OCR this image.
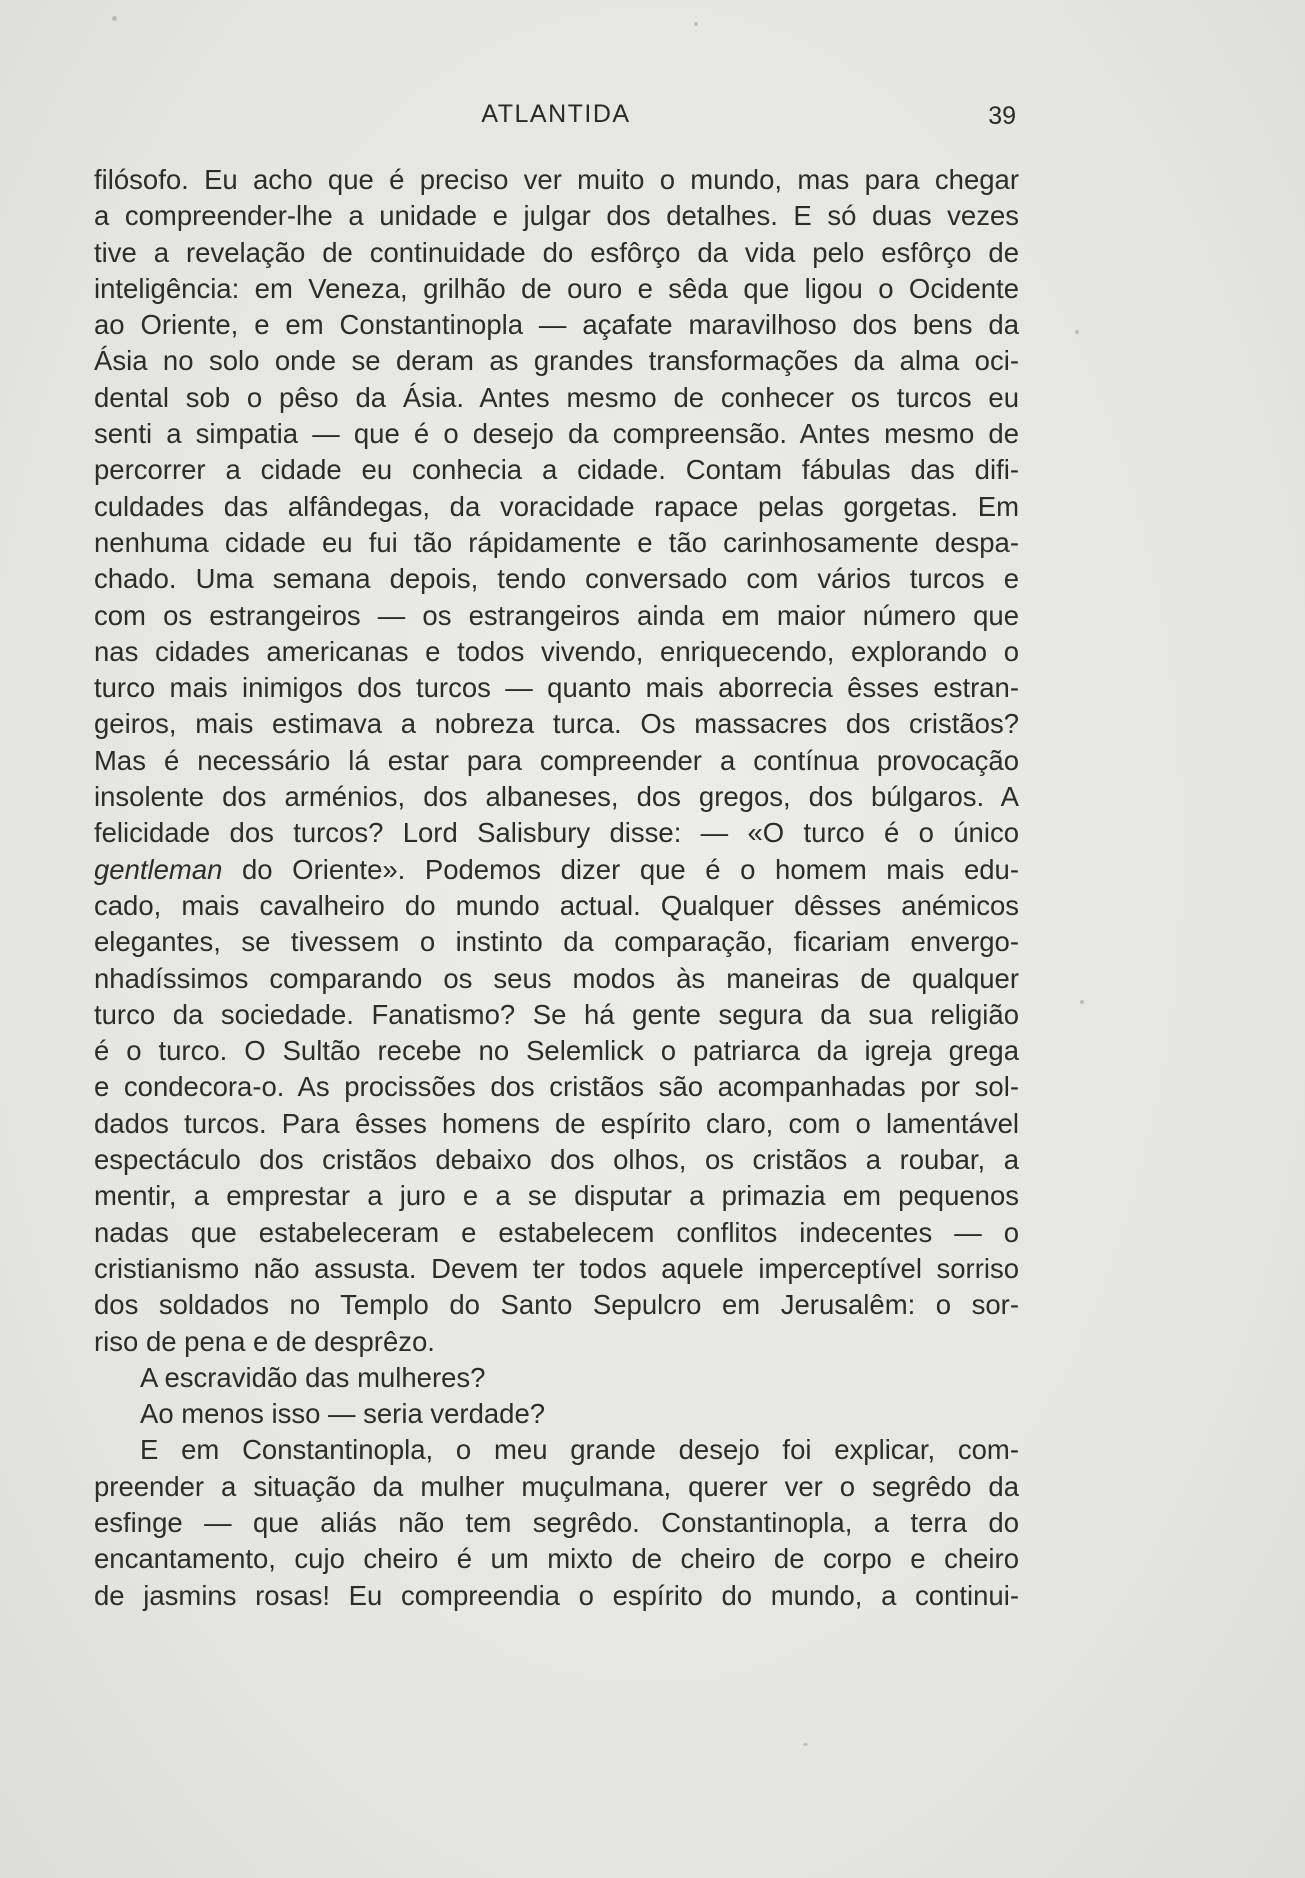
ATLANTIDA	39
filósofo. Eu acho que é preciso ver muito o mundo, mas para chegar
a compreender-lhe a unidade e julgar dos detalhes. E só duas vezes
tive a revelação de continuidade do esfôrço da vida pelo esfôrço de
inteligência: em Veneza, grilhão de ouro e sêda que ligou o Ocidente
ao Oriente, e em Constantinopla — açafate maravilhoso dos bens da
Ásia no solo onde se deram as grandes transformações da alma oci-
dental sob o pêso da Ásia. Antes mesmo de conhecer os turcos eu
senti a simpatia — que é o desejo da compreensão. Antes mesmo de
percorrer a cidade eu conhecia a cidade. Contam fábulas das difi-
culdades das alfândegas, da voracidade rapace pelas gorgetas. Em
nenhuma cidade eu fui tão rápidamente e tão carinhosamente despa-
chado. Uma semana depois, tendo conversado com vários turcos e
com os estrangeiros — os estrangeiros ainda em maior número que
nas cidades americanas e todos vivendo, enriquecendo, explorando o
turco mais inimigos dos turcos — quanto mais aborrecia êsses estran-
geiros, mais estimava a nobreza turca. Os massacres dos cristãos?
Mas é necessário lá estar para compreender a contínua provocação
insolente dos arménios, dos albaneses, dos gregos, dos búlgaros. A
felicidade dos turcos? Lord Salisbury disse: — «O turco é o único
gentleman do Oriente». Podemos dizer que é o homem mais edu-
cado, mais cavalheiro do mundo actual. Qualquer dêsses anémicos
elegantes, se tivessem o instinto da comparação, ficariam envergo-
nhadíssimos comparando os seus modos às maneiras de qualquer
turco da sociedade. Fanatismo? Se há gente segura da sua religião
é o turco. O Sultão recebe no Selemlick o patriarca da igreja grega
e condecora-o. As procissões dos cristãos são acompanhadas por sol-
dados turcos. Para êsses homens de espírito claro, com o lamentável
espectáculo dos cristãos debaixo dos olhos, os cristãos a roubar, a
mentir, a emprestar a juro e a se disputar a primazia em pequenos
nadas que estabeleceram e estabelecem conflitos indecentes — o
cristianismo não assusta. Devem ter todos aquele imperceptível sorriso
dos soldados no Templo do Santo Sepulcro em Jerusalêm: o sor-
riso de pena e de desprêzo.
A escravidão das mulheres?
Ao menos isso — seria verdade?
E em Constantinopla, o meu grande desejo foi explicar, com-
preender a situação da mulher muçulmana, querer ver o segrêdo da
esfinge — que aliás não tem segrêdo. Constantinopla, a terra do
encantamento, cujo cheiro é um mixto de cheiro de corpo e cheiro
de jasmins rosas! Eu compreendia o espírito do mundo, a continui-
